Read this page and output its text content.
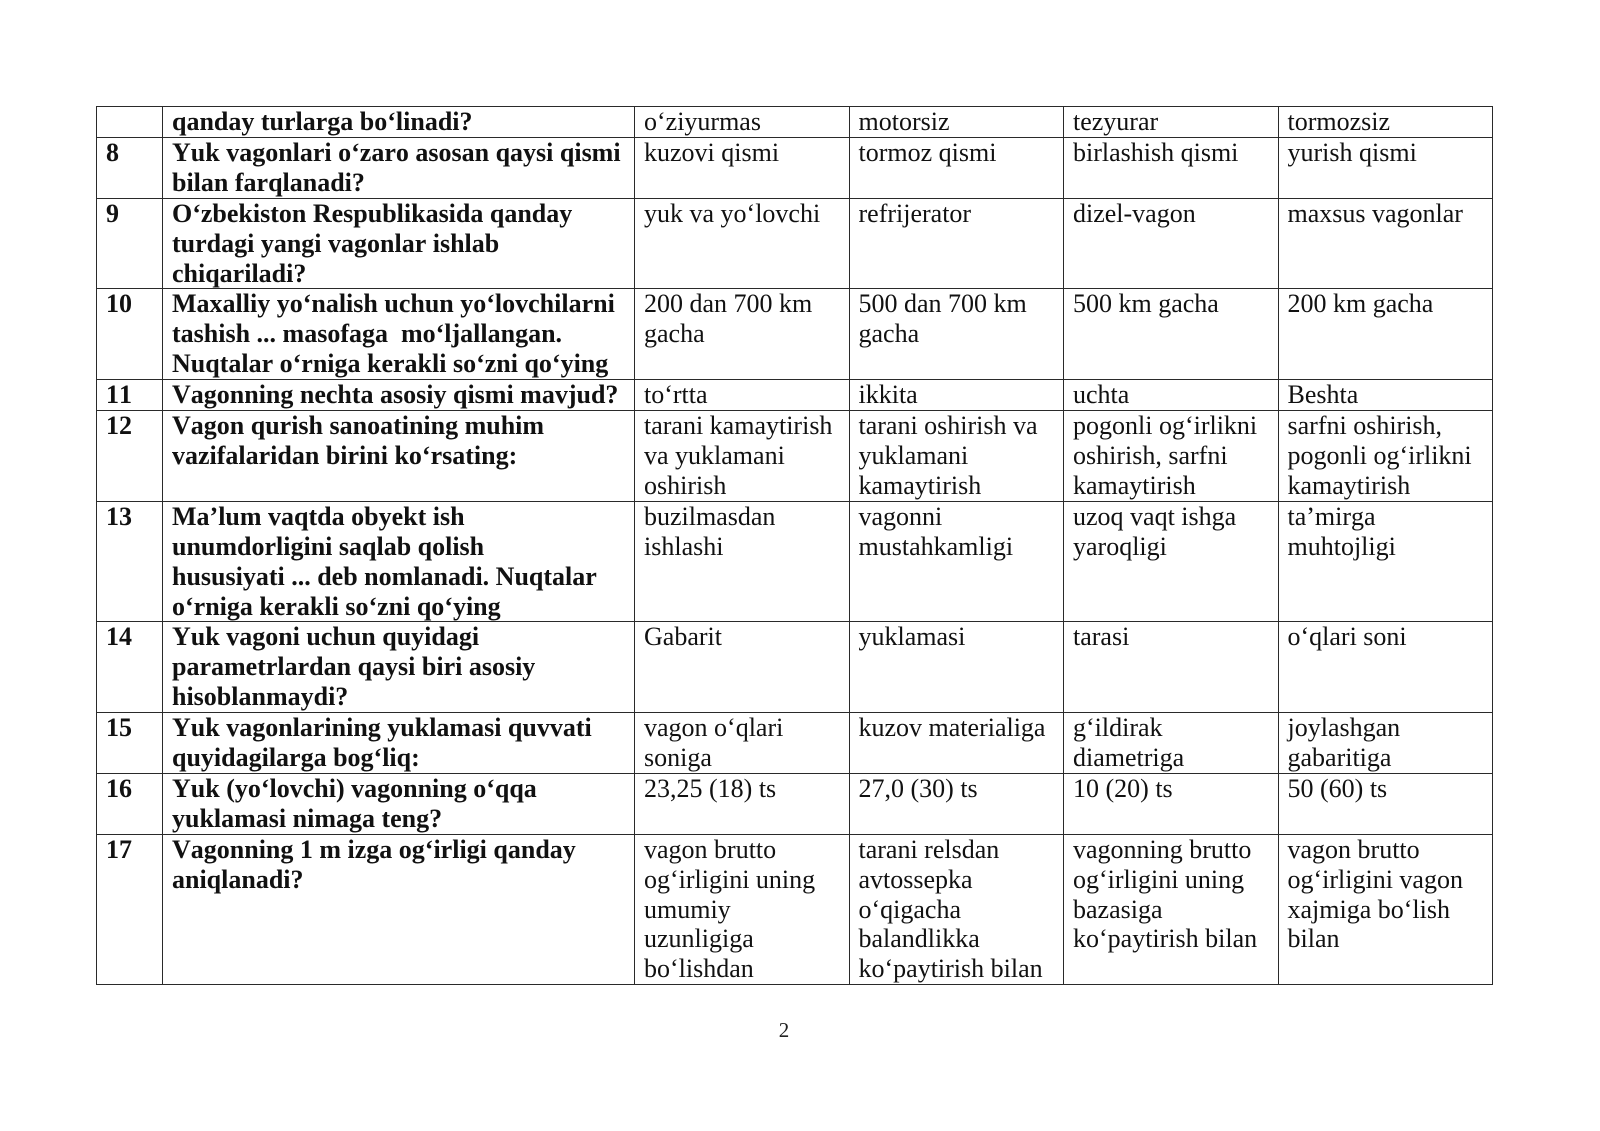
	qanday turlarga bo‘linadi?	o‘ziyurmas	motorsiz	tezyurar	tormozsiz
8	Yuk vagonlari o‘zaro asosan qaysi qismi
bilan farqlanadi?	kuzovi qismi	tormoz qismi	birlashish qismi	yurish qismi
9	O‘zbekiston Respublikasida qanday
turdagi yangi vagonlar ishlab
chiqariladi?	yuk va yo‘lovchi	refrijerator	dizel-vagon	maxsus vagonlar
10	Maxalliy yo‘nalish uchun yo‘lovchilarni
tashish ... masofaga  mo‘ljallangan.
Nuqtalar o‘rniga kerakli so‘zni qo‘ying	200 dan 700 km
gacha	500 dan 700 km
gacha	500 km gacha	200 km gacha
11	Vagonning nechta asosiy qismi mavjud?	to‘rtta	ikkita	uchta	Beshta
12	Vagon qurish sanoatining muhim
vazifalaridan birini ko‘rsating:	tarani kamaytirish
va yuklamani
oshirish	tarani oshirish va
yuklamani
kamaytirish	pogonli og‘irlikni
oshirish, sarfni
kamaytirish	sarfni oshirish,
pogonli og‘irlikni
kamaytirish
13	Ma’lum vaqtda obyekt ish
unumdorligini saqlab qolish
hususiyati ... deb nomlanadi. Nuqtalar
o‘rniga kerakli so‘zni qo‘ying	buzilmasdan
ishlashi	vagonni
mustahkamligi	uzoq vaqt ishga
yaroqligi	ta’mirga
muhtojligi
14	Yuk vagoni uchun quyidagi
parametrlardan qaysi biri asosiy
hisoblanmaydi?	Gabarit	yuklamasi	tarasi	o‘qlari soni
15	Yuk vagonlarining yuklamasi quvvati
quyidagilarga bog‘liq:	vagon o‘qlari
soniga	kuzov materialiga	g‘ildirak
diametriga	joylashgan
gabaritiga
16	Yuk (yo‘lovchi) vagonning o‘qqa
yuklamasi nimaga teng?	23,25 (18) ts	27,0 (30) ts	10 (20) ts	50 (60) ts
17	Vagonning 1 m izga og‘irligi qanday
aniqlanadi?	vagon brutto
og‘irligini uning
umumiy
uzunligiga
bo‘lishdan	tarani relsdan
avtossepka
o‘qigacha
balandlikka
ko‘paytirish bilan	vagonning brutto
og‘irligini uning
bazasiga
ko‘paytirish bilan	vagon brutto
og‘irligini vagon
xajmiga bo‘lish
bilan
2
